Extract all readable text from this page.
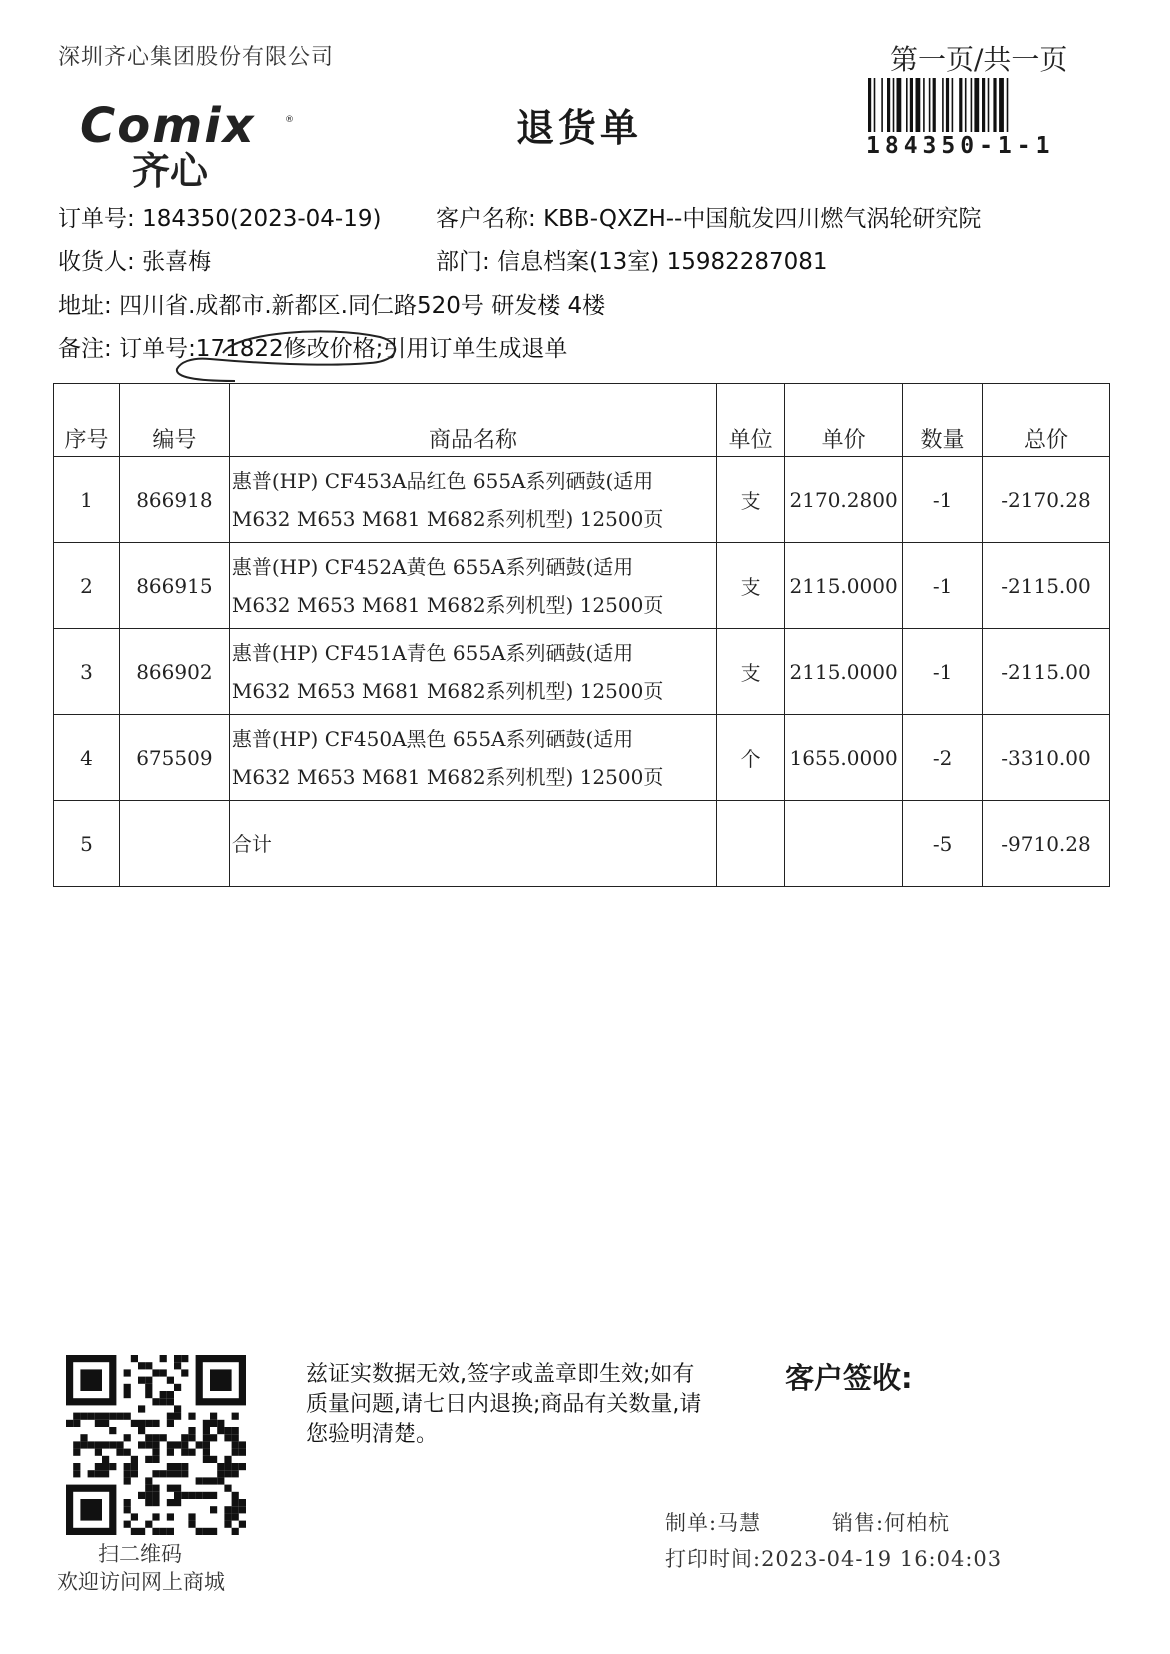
深圳齐心集团股份有限公司	第一页/共一页
Comix	®
齐心
退货单	184350-1-1
订单号: 184350(2023-04-19) 客户名称: KBB-QXZH--中国航发四川燃气涡轮研究院
收货人: 张喜梅	部门: 信息档案(13室) 15982287081
地址: 四川省.成都市.新都区.同仁路520号 研发楼 4楼
备注: 订单号:171822修改价格;引用订单生成退单
序号	编号	商品名称	单位	单价	数量	总价
1	866918	惠普(HP) CF453A品红色 655A系列硒鼓(适用
M632 M653 M681 M682系列机型) 12500页	支	2170.2800	-1	-2170.28
2	866915	惠普(HP) CF452A黄色 655A系列硒鼓(适用
M632 M653 M681 M682系列机型) 12500页	支	2115.0000	-1	-2115.00
3	866902	惠普(HP) CF451A青色 655A系列硒鼓(适用
M632 M653 M681 M682系列机型) 12500页	支	2115.0000	-1	-2115.00
4	675509	惠普(HP) CF450A黑色 655A系列硒鼓(适用
M632 M653 M681 M682系列机型) 12500页	个	1655.0000	-2	-3310.00
5		合计			-5	-9710.28
扫二维码
欢迎访问网上商城
兹证实数据无效,签字或盖章即生效;如有质量问题,请七日内退换;商品有关数量,请您验明清楚。
客户签收:
制单:马慧	销售:何柏杭
打印时间:2023-04-19 16:04:03
